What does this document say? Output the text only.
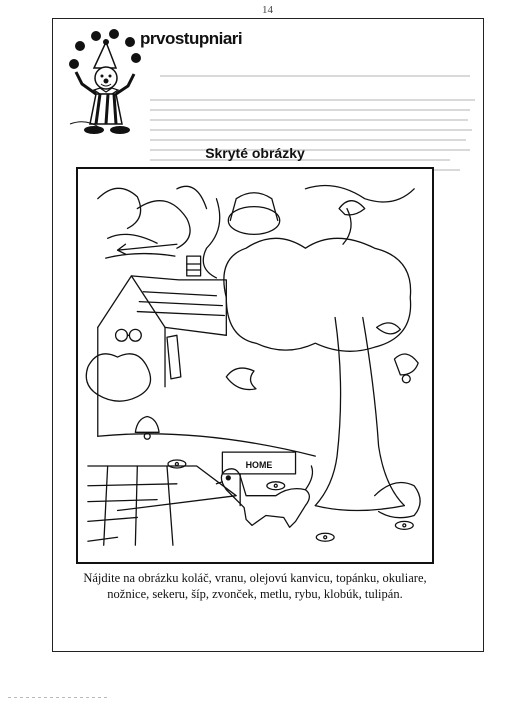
14
prvostupniari
Skryté obrázky
HOME
Nájdite na obrázku koláč, vranu, olejovú kanvicu, topánku, okuliare, nožnice, sekeru, šíp, zvonček, metlu, rybu, klobúk, tulipán.
